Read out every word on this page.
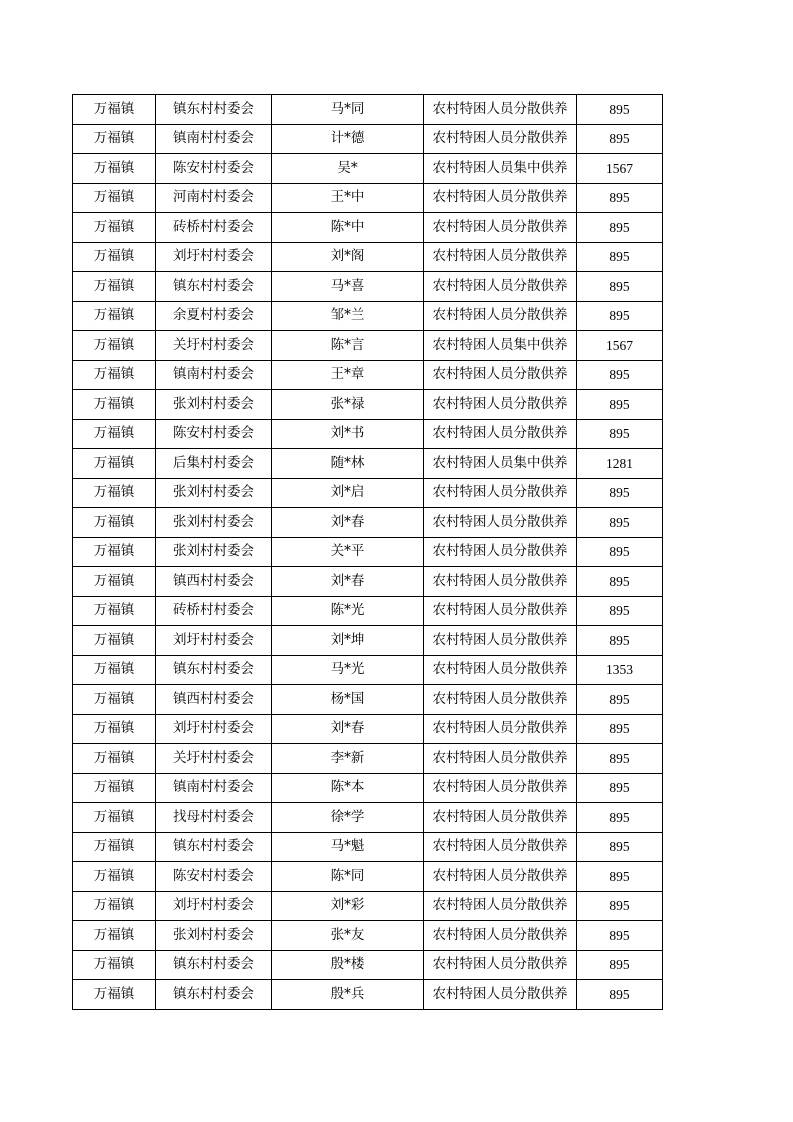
万福镇	镇东村村委会	马*同	农村特困人员分散供养	895
万福镇	镇南村村委会	计*德	农村特困人员分散供养	895
万福镇	陈安村村委会	吴*	农村特困人员集中供养	1567
万福镇	河南村村委会	王*中	农村特困人员分散供养	895
万福镇	砖桥村村委会	陈*中	农村特困人员分散供养	895
万福镇	刘圩村村委会	刘*阁	农村特困人员分散供养	895
万福镇	镇东村村委会	马*喜	农村特困人员分散供养	895
万福镇	余夏村村委会	邹*兰	农村特困人员分散供养	895
万福镇	关圩村村委会	陈*言	农村特困人员集中供养	1567
万福镇	镇南村村委会	王*章	农村特困人员分散供养	895
万福镇	张刘村村委会	张*禄	农村特困人员分散供养	895
万福镇	陈安村村委会	刘*书	农村特困人员分散供养	895
万福镇	后集村村委会	随*林	农村特困人员集中供养	1281
万福镇	张刘村村委会	刘*启	农村特困人员分散供养	895
万福镇	张刘村村委会	刘*春	农村特困人员分散供养	895
万福镇	张刘村村委会	关*平	农村特困人员分散供养	895
万福镇	镇西村村委会	刘*春	农村特困人员分散供养	895
万福镇	砖桥村村委会	陈*光	农村特困人员分散供养	895
万福镇	刘圩村村委会	刘*坤	农村特困人员分散供养	895
万福镇	镇东村村委会	马*光	农村特困人员分散供养	1353
万福镇	镇西村村委会	杨*国	农村特困人员分散供养	895
万福镇	刘圩村村委会	刘*春	农村特困人员分散供养	895
万福镇	关圩村村委会	李*新	农村特困人员分散供养	895
万福镇	镇南村村委会	陈*本	农村特困人员分散供养	895
万福镇	找母村村委会	徐*学	农村特困人员分散供养	895
万福镇	镇东村村委会	马*魁	农村特困人员分散供养	895
万福镇	陈安村村委会	陈*同	农村特困人员分散供养	895
万福镇	刘圩村村委会	刘*彩	农村特困人员分散供养	895
万福镇	张刘村村委会	张*友	农村特困人员分散供养	895
万福镇	镇东村村委会	殷*楼	农村特困人员分散供养	895
万福镇	镇东村村委会	殷*兵	农村特困人员分散供养	895
